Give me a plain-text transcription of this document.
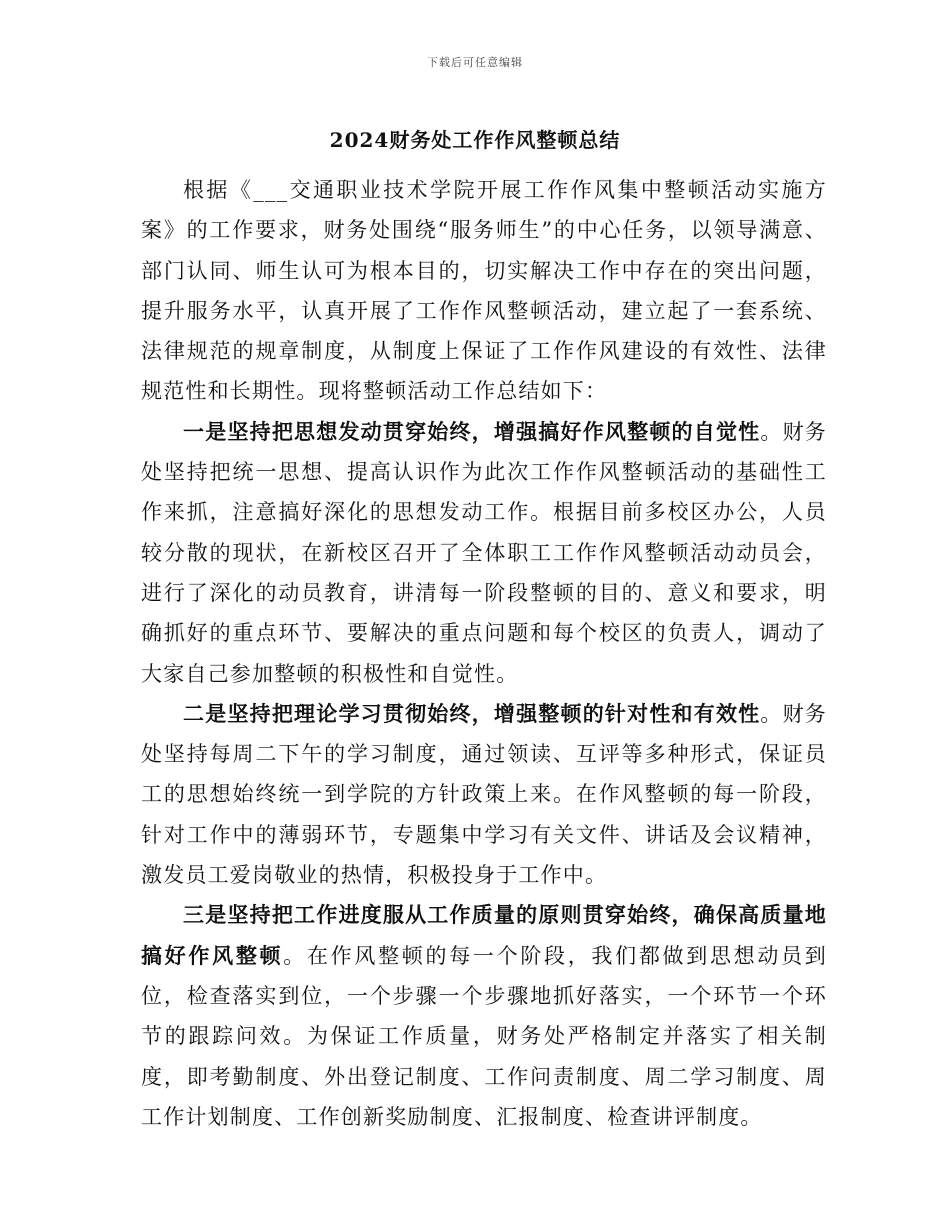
下载后可任意编辑
2024财务处工作作风整顿总结

根据《___交通职业技术学院开展工作作风集中整顿活动实施方案》的工作要求，财务处围绕“服务师生”的中心任务，以领导满意、部门认同、师生认可为根本目的，切实解决工作中存在的突出问题，提升服务水平，认真开展了工作作风整顿活动，建立起了一套系统、法律规范的规章制度，从制度上保证了工作作风建设的有效性、法律规范性和长期性。现将整顿活动工作总结如下：

一是坚持把思想发动贯穿始终，增强搞好作风整顿的自觉性。财务处坚持把统一思想、提高认识作为此次工作作风整顿活动的基础性工作来抓，注意搞好深化的思想发动工作。根据目前多校区办公，人员较分散的现状，在新校区召开了全体职工工作作风整顿活动动员会，进行了深化的动员教育，讲清每一阶段整顿的目的、意义和要求，明确抓好的重点环节、要解决的重点问题和每个校区的负责人，调动了大家自己参加整顿的积极性和自觉性。

二是坚持把理论学习贯彻始终，增强整顿的针对性和有效性。财务处坚持每周二下午的学习制度，通过领读、互评等多种形式，保证员工的思想始终统一到学院的方针政策上来。在作风整顿的每一阶段，针对工作中的薄弱环节，专题集中学习有关文件、讲话及会议精神，激发员工爱岗敬业的热情，积极投身于工作中。

三是坚持把工作进度服从工作质量的原则贯穿始终，确保高质量地搞好作风整顿。在作风整顿的每一个阶段，我们都做到思想动员到位，检查落实到位，一个步骤一个步骤地抓好落实，一个环节一个环节的跟踪问效。为保证工作质量，财务处严格制定并落实了相关制度，即考勤制度、外出登记制度、工作问责制度、周二学习制度、周工作计划制度、工作创新奖励制度、汇报制度、检查讲评制度。
